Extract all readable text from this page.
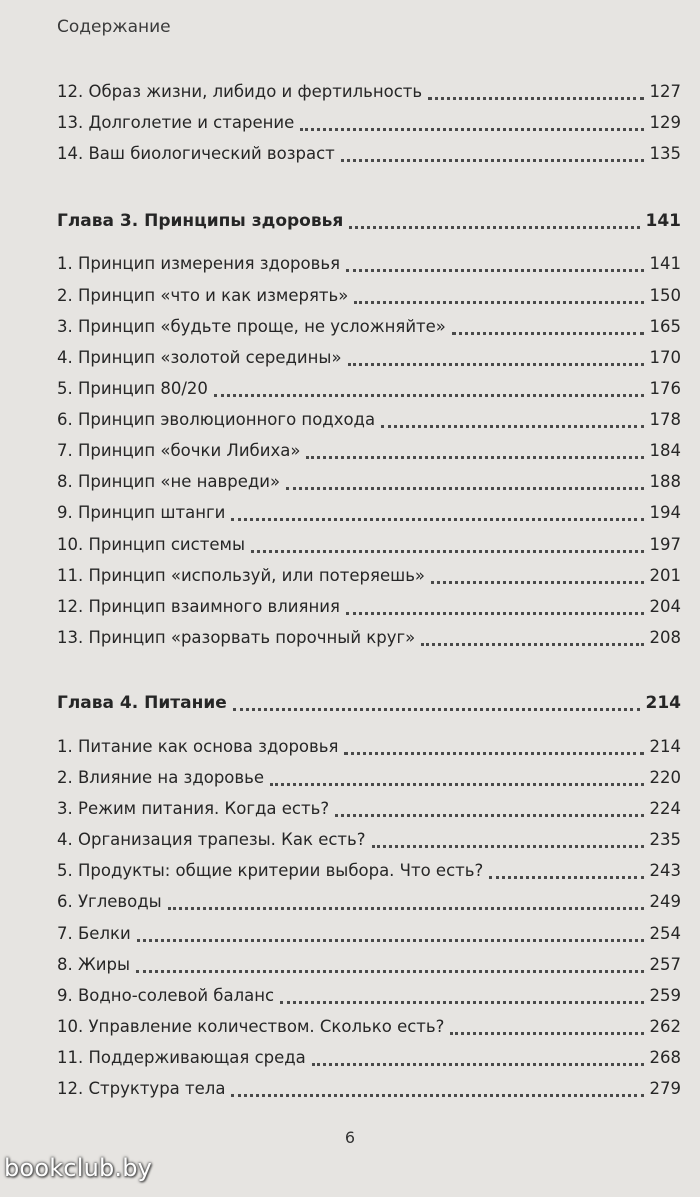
Содержание
12. Образ жизни, либидо и фертильность	127
13. Долголетие и старение	129
14. Ваш биологический возраст	135
Глава 3. Принципы здоровья	141
1. Принцип измерения здоровья	141
2. Принцип «что и как измерять»	150
3. Принцип «будьте проще, не усложняйте»	165
4. Принцип «золотой середины»	170
5. Принцип 80/20	176
6. Принцип эволюционного подхода	178
7. Принцип «бочки Либиха»	184
8. Принцип «не навреди»	188
9. Принцип штанги	194
10. Принцип системы	197
11. Принцип «используй, или потеряешь»	201
12. Принцип взаимного влияния	204
13. Принцип «разорвать порочный круг»	208
Глава 4. Питание	214
1. Питание как основа здоровья	214
2. Влияние на здоровье	220
3. Режим питания. Когда есть?	224
4. Организация трапезы. Как есть?	235
5. Продукты: общие критерии выбора. Что есть?	243
6. Углеводы	249
7. Белки	254
8. Жиры	257
9. Водно-солевой баланс	259
10. Управление количеством. Сколько есть?	262
11. Поддерживающая среда	268
12. Структура тела	279
6
bookclub.by
